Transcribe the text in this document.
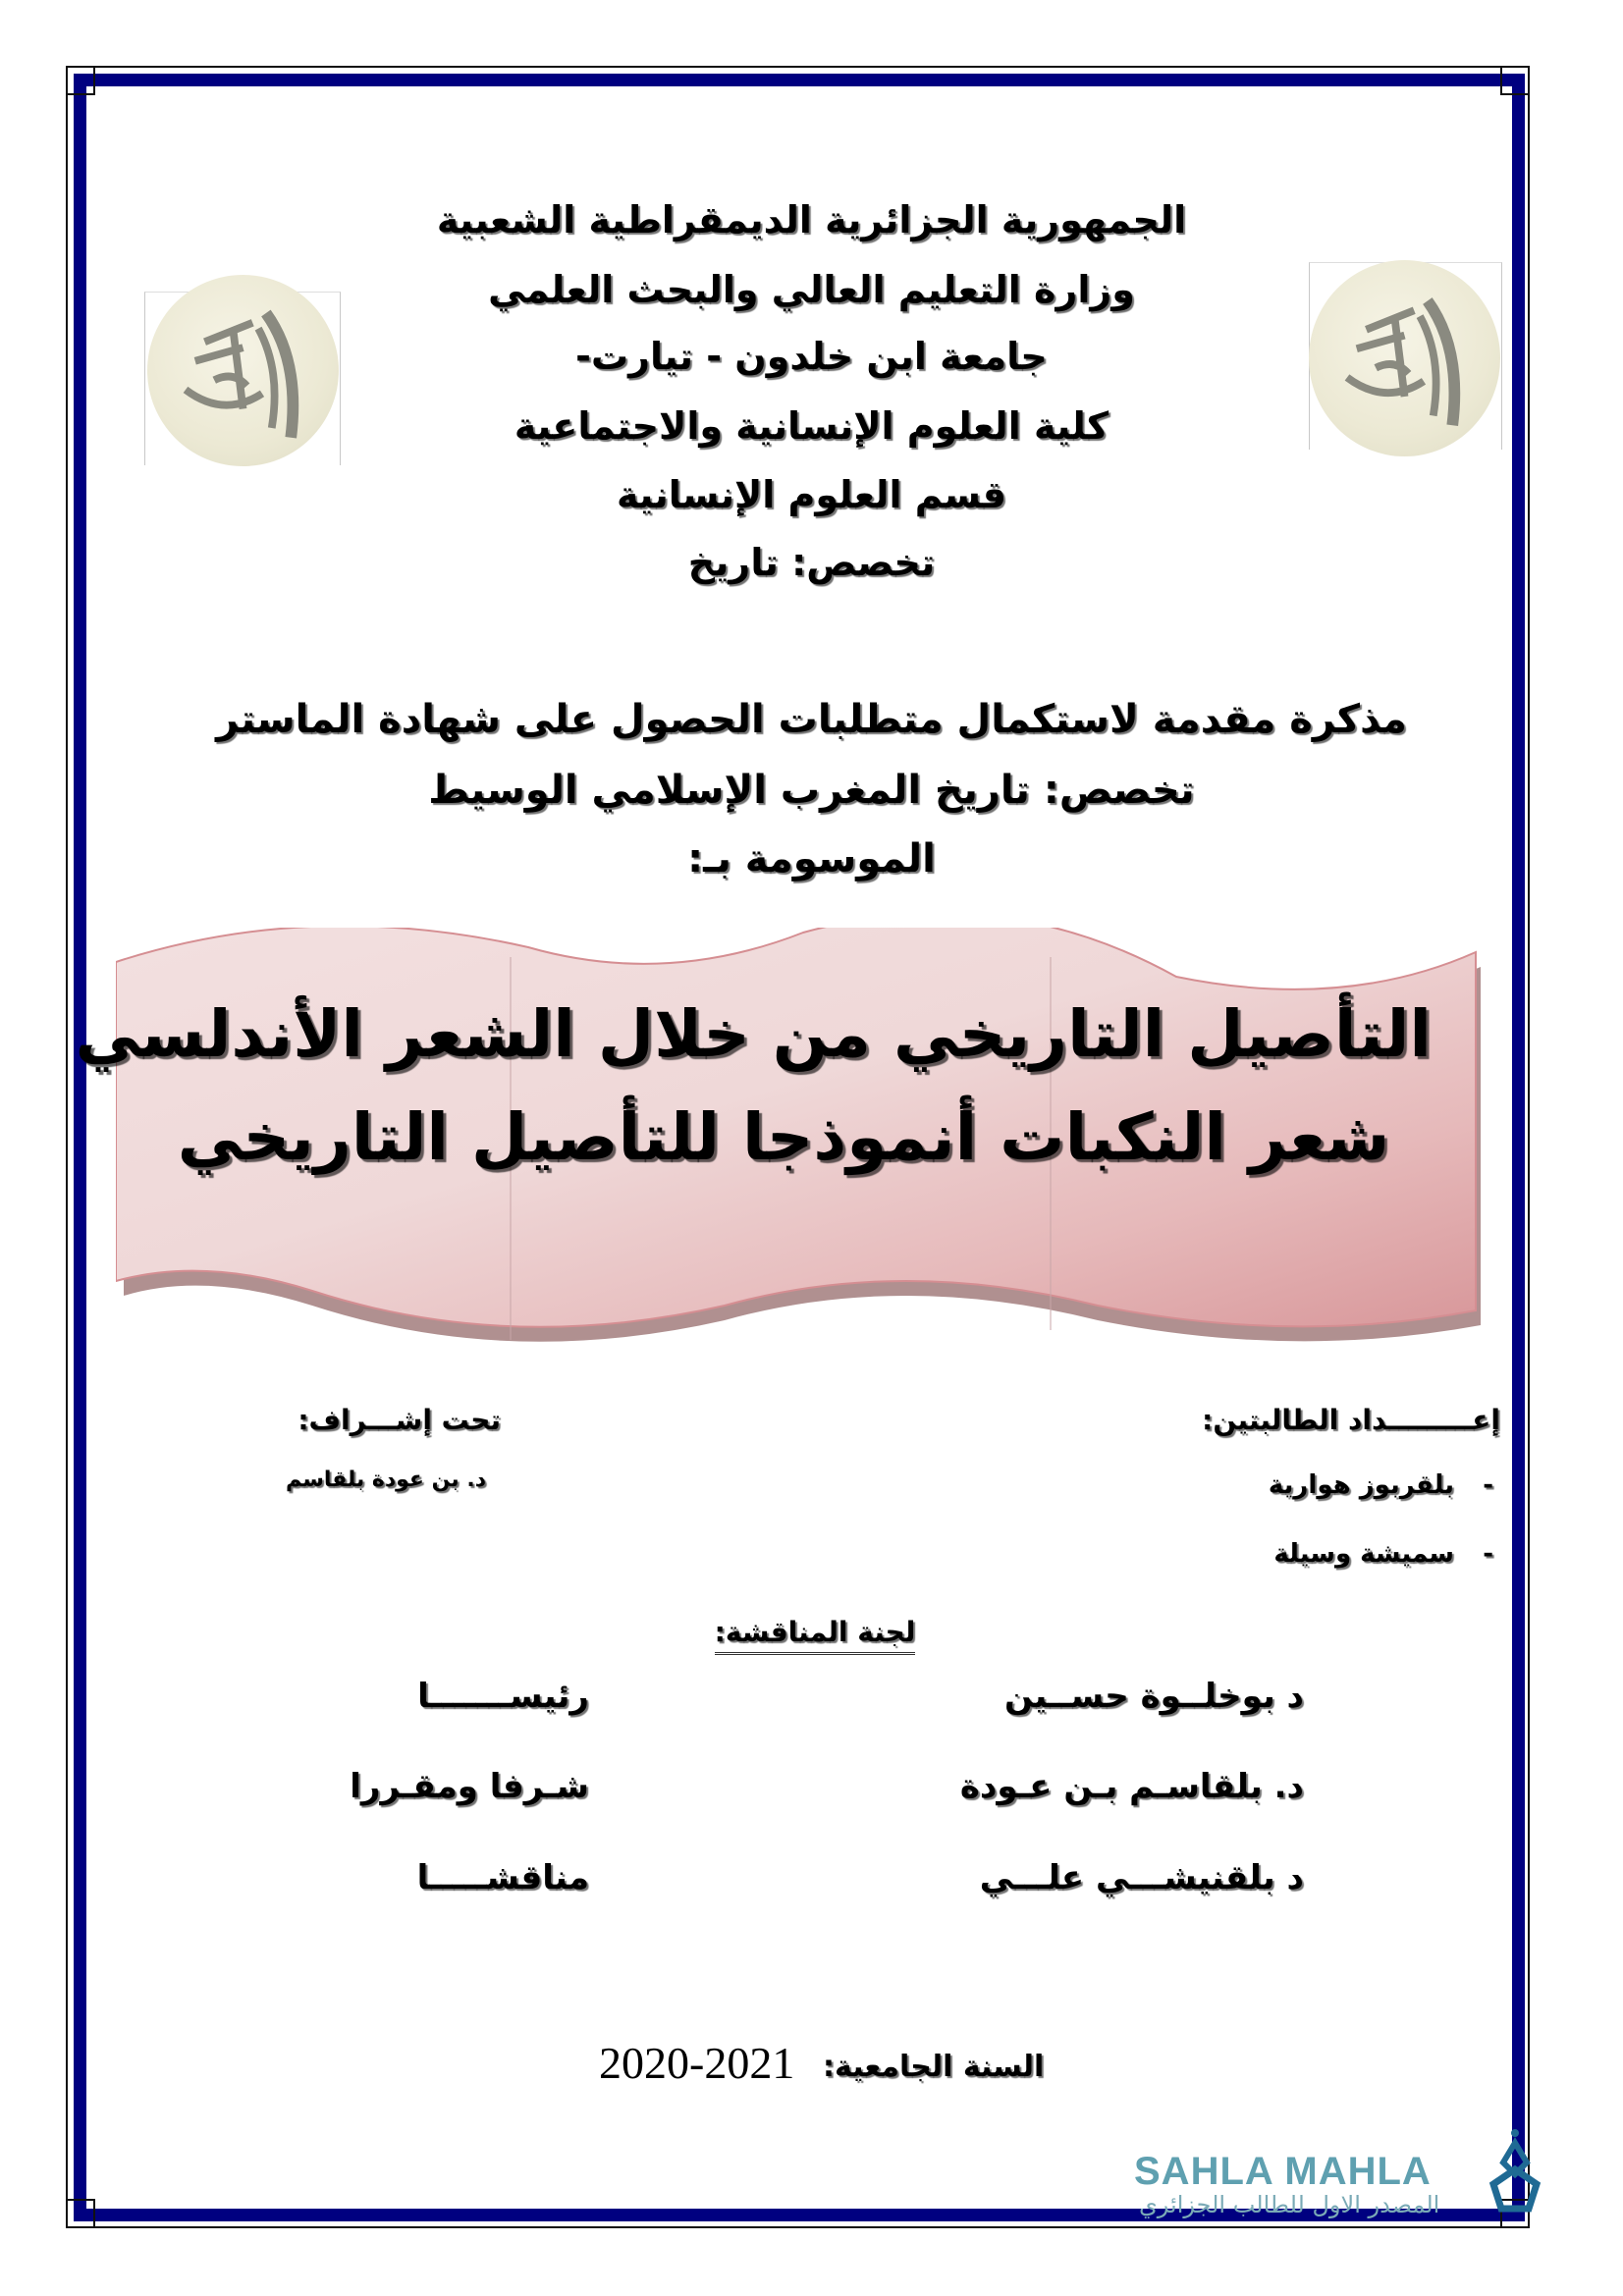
الجمهورية الجزائرية الديمقراطية الشعبية
وزارة التعليم العالي والبحث العلمي
جامعة ابن خلدون - تيارت-
كلية العلوم الإنسانية والاجتماعية
قسم العلوم الإنسانية
تخصص: تاريخ
مذكرة مقدمة لاستكمال متطلبات الحصول على شهادة الماستر
تخصص: تاريخ المغرب الإسلامي الوسيط
الموسومة بـ:
التأصيل التاريخي من خلال الشعر الأندلسي
شعر النكبات أنموذجا للتأصيل التاريخي
إعـــــــــداد الطالبتين:
بلقربوز هوارية -
سميشة وسيلة -
تحت إشـــراف:
د. بن عودة بلقاسم
لجنة المناقشة:
د بوخلــوة حســين
رئيســـــــا
د. بلقاسـم بـن عـودة
شـرفا ومقـررا
د بلقنيشـــي علـــي
مناقشـــــا
السنة الجامعية:
2020-2021
SAHLA MAHLA
المصدر الاول للطالب الجزائري
